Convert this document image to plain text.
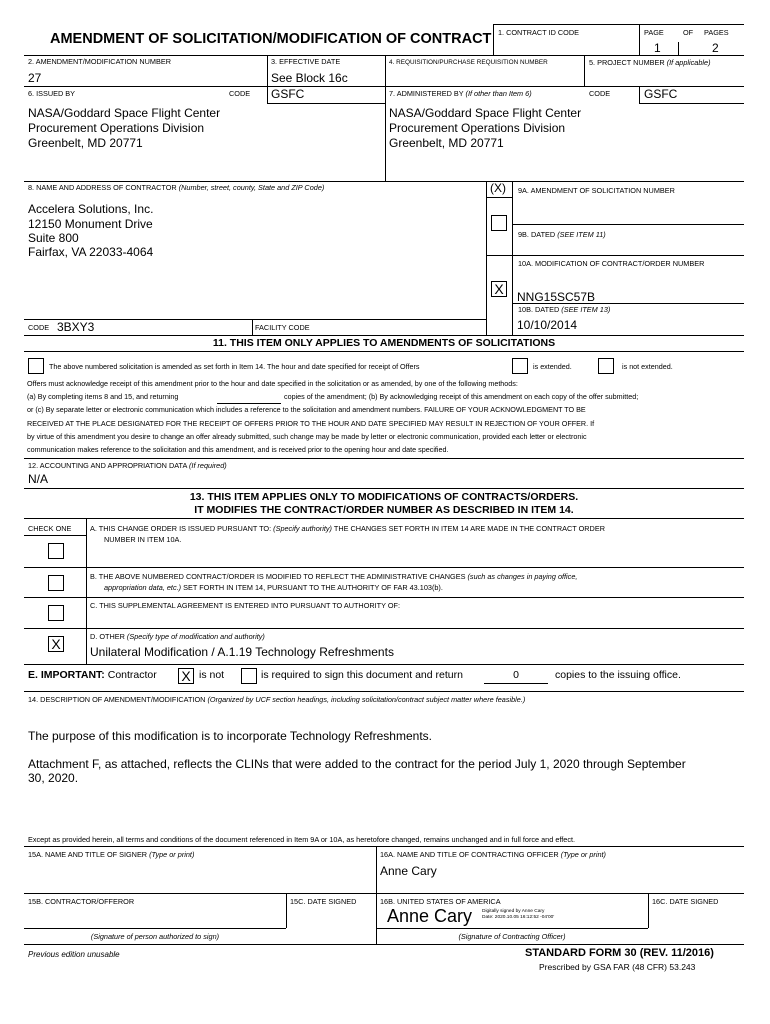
AMENDMENT OF SOLICITATION/MODIFICATION OF CONTRACT 1. CONTRACT ID CODE	PAGE	OF PAGES
1	2
2. AMENDMENT/MODIFICATION NUMBER
27
3. EFFECTIVE DATE
See Block 16c
4. REQUISITION/PURCHASE REQUISITION NUMBER	5. PROJECT NUMBER (If applicable)
6. ISSUED BY	CODE GSFC	7. ADMINISTERED BY (If other than Item 6)	CODE	GSFC
NASA/Goddard Space Flight Center
Procurement Operations Division
Greenbelt, MD 20771
NASA/Goddard Space Flight Center
Procurement Operations Division
Greenbelt, MD 20771
8. NAME AND ADDRESS OF CONTRACTOR (Number, street, county, State and ZIP Code)
Accelera Solutions, Inc.
12150 Monument Drive
Suite 800
Fairfax, VA 22033-4064
(X) 9A. AMENDMENT OF SOLICITATION NUMBER
9B. DATED (SEE ITEM 11)
10A. MODIFICATION OF CONTRACT/ORDER NUMBER
X NNG15SC57B
10B. DATED (SEE ITEM 13)
10/10/2014
CODE 3BXY3	FACILITY CODE
11. THIS ITEM ONLY APPLIES TO AMENDMENTS OF SOLICITATIONS
The above numbered solicitation is amended as set forth in Item 14. The hour and date specified for receipt of Offers	is extended.	is not extended.
Offers must acknowledge receipt of this amendment prior to the hour and date specified in the solicitation or as amended, by one of the following methods:
(a) By completing items 8 and 15, and returning	copies of the amendment; (b) By acknowledging receipt of this amendment on each copy of the offer submitted;
or (c) By separate letter or electronic communication which includes a reference to the solicitation and amendment numbers. FAILURE OF YOUR ACKNOWLEDGMENT TO BE
RECEIVED AT THE PLACE DESIGNATED FOR THE RECEIPT OF OFFERS PRIOR TO THE HOUR AND DATE SPECIFIED MAY RESULT IN REJECTION OF YOUR OFFER. If
by virtue of this amendment you desire to change an offer already submitted, such change may be made by letter or electronic communication, provided each letter or electronic
communication makes reference to the solicitation and this amendment, and is received prior to the opening hour and date specified.
12. ACCOUNTING AND APPROPRIATION DATA (If required)
N/A
13. THIS ITEM APPLIES ONLY TO MODIFICATIONS OF CONTRACTS/ORDERS.
IT MODIFIES THE CONTRACT/ORDER NUMBER AS DESCRIBED IN ITEM 14.
CHECK ONE	A. THIS CHANGE ORDER IS ISSUED PURSUANT TO: (Specify authority) THE CHANGES SET FORTH IN ITEM 14 ARE MADE IN THE CONTRACT ORDER
NUMBER IN ITEM 10A.
B. THE ABOVE NUMBERED CONTRACT/ORDER IS MODIFIED TO REFLECT THE ADMINISTRATIVE CHANGES (such as changes in paying office,
appropriation data, etc.) SET FORTH IN ITEM 14, PURSUANT TO THE AUTHORITY OF FAR 43.103(b).
C. THIS SUPPLEMENTAL AGREEMENT IS ENTERED INTO PURSUANT TO AUTHORITY OF:
X	D. OTHER (Specify type of modification and authority)
Unilateral Modification / A.1.19 Technology Refreshments
E. IMPORTANT: Contractor X is not	is required to sign this document and return	0	copies to the issuing office.
14. DESCRIPTION OF AMENDMENT/MODIFICATION (Organized by UCF section headings, including solicitation/contract subject matter where feasible.)
The purpose of this modification is to incorporate Technology Refreshments.
Attachment F, as attached, reflects the CLINs that were added to the contract for the period July 1, 2020 through September
30, 2020.
Except as provided herein, all terms and conditions of the document referenced in Item 9A or 10A, as heretofore changed, remains unchanged and in full force and effect.
15A. NAME AND TITLE OF SIGNER (Type or print)	16A. NAME AND TITLE OF CONTRACTING OFFICER (Type or print)
Anne Cary
15B. CONTRACTOR/OFFEROR	15C. DATE SIGNED	16B. UNITED STATES OF AMERICA
Anne Cary Digitally signed by Anne Cary
Date: 2020.10.05 16:12:52 -04'00'
16C. DATE SIGNED
(Signature of person authorized to sign)	(Signature of Contracting Officer)
Previous edition unusable	STANDARD FORM 30 (REV. 11/2016)
Prescribed by GSA FAR (48 CFR) 53.243
